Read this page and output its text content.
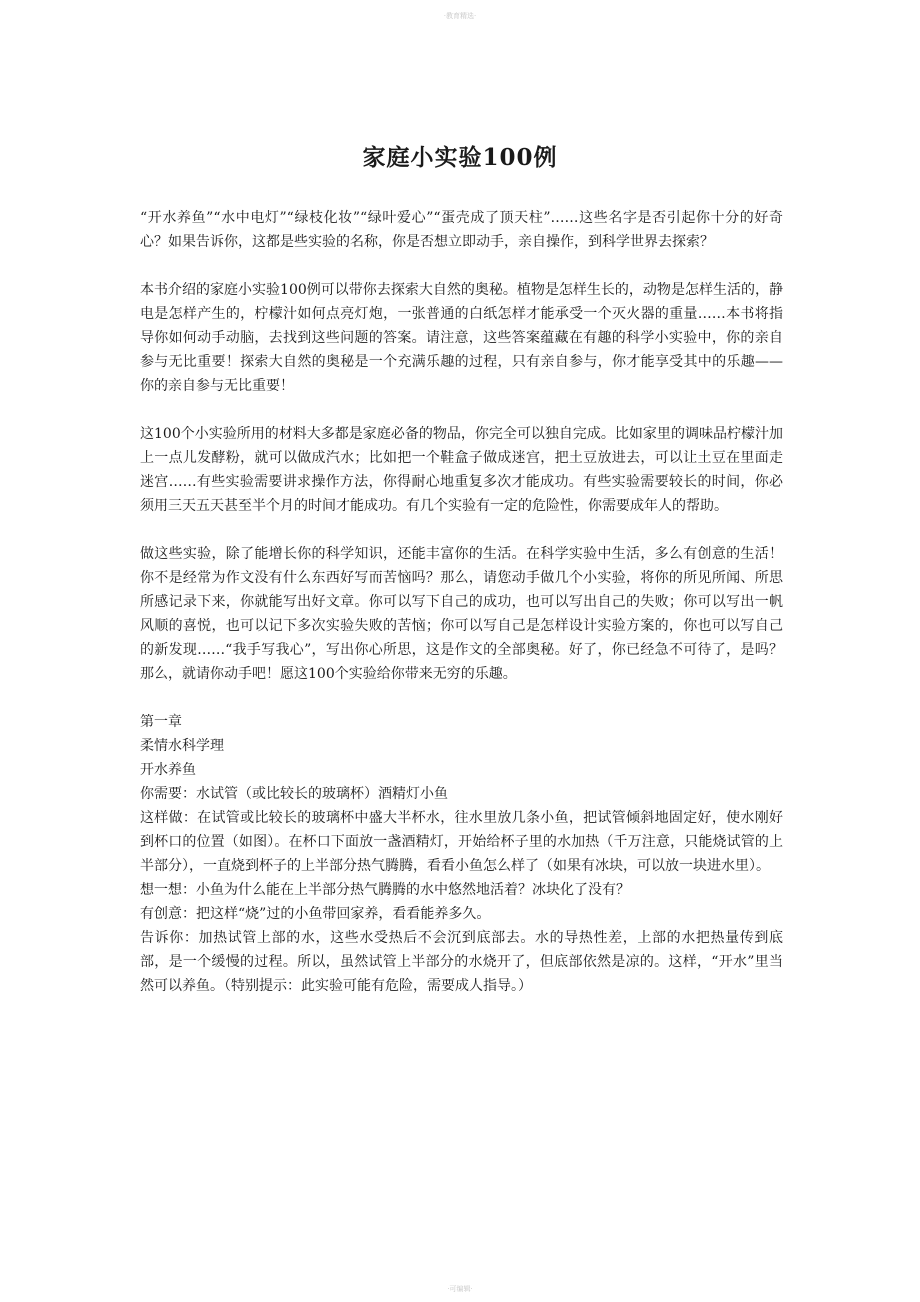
·教育精选·
家庭小实验100例

“开水养鱼”“水中电灯”“绿枝化妆”“绿叶爱心”“蛋壳成了顶天柱”……这些名字是否引起你十分的好奇心？如果告诉你，这都是些实验的名称，你是否想立即动手，亲自操作，到科学世界去探索？

本书介绍的家庭小实验100例可以带你去探索大自然的奥秘。植物是怎样生长的，动物是怎样生活的，静电是怎样产生的，柠檬汁如何点亮灯炮，一张普通的白纸怎样才能承受一个灭火器的重量……本书将指导你如何动手动脑，去找到这些问题的答案。请注意，这些答案蕴藏在有趣的科学小实验中，你的亲自参与无比重要！探索大自然的奥秘是一个充满乐趣的过程，只有亲自参与，你才能享受其中的乐趣——你的亲自参与无比重要！

这100个小实验所用的材料大多都是家庭必备的物品，你完全可以独自完成。比如家里的调味品柠檬汁加上一点儿发酵粉，就可以做成汽水；比如把一个鞋盒子做成迷宫，把土豆放进去，可以让土豆在里面走迷宫……有些实验需要讲求操作方法，你得耐心地重复多次才能成功。有些实验需要较长的时间，你必须用三天五天甚至半个月的时间才能成功。有几个实验有一定的危险性，你需要成年人的帮助。

做这些实验，除了能增长你的科学知识，还能丰富你的生活。在科学实验中生活，多么有创意的生活！你不是经常为作文没有什么东西好写而苦恼吗？那么，请您动手做几个小实验，将你的所见所闻、所思所感记录下来，你就能写出好文章。你可以写下自己的成功，也可以写出自己的失败；你可以写出一帆风顺的喜悦，也可以记下多次实验失败的苦恼；你可以写自己是怎样设计实验方案的，你也可以写自己的新发现……“我手写我心”，写出你心所思，这是作文的全部奥秘。好了，你已经急不可待了，是吗？那么，就请你动手吧！愿这100个实验给你带来无穷的乐趣。

第一章

柔情水科学理

开水养鱼

你需要：水试管（或比较长的玻璃杯）酒精灯小鱼

这样做：在试管或比较长的玻璃杯中盛大半杯水，往水里放几条小鱼，把试管倾斜地固定好，使水刚好到杯口的位置（如图）。在杯口下面放一盏酒精灯，开始给杯子里的水加热（千万注意，只能烧试管的上半部分），一直烧到杯子的上半部分热气腾腾，看看小鱼怎么样了（如果有冰块，可以放一块进水里）。

想一想：小鱼为什么能在上半部分热气腾腾的水中悠然地活着？冰块化了没有？

有创意：把这样“烧”过的小鱼带回家养，看看能养多久。

告诉你：加热试管上部的水，这些水受热后不会沉到底部去。水的导热性差，上部的水把热量传到底部，是一个缓慢的过程。所以，虽然试管上半部分的水烧开了，但底部依然是凉的。这样，“开水”里当然可以养鱼。（特别提示：此实验可能有危险，需要成人指导。）

·可编辑·
